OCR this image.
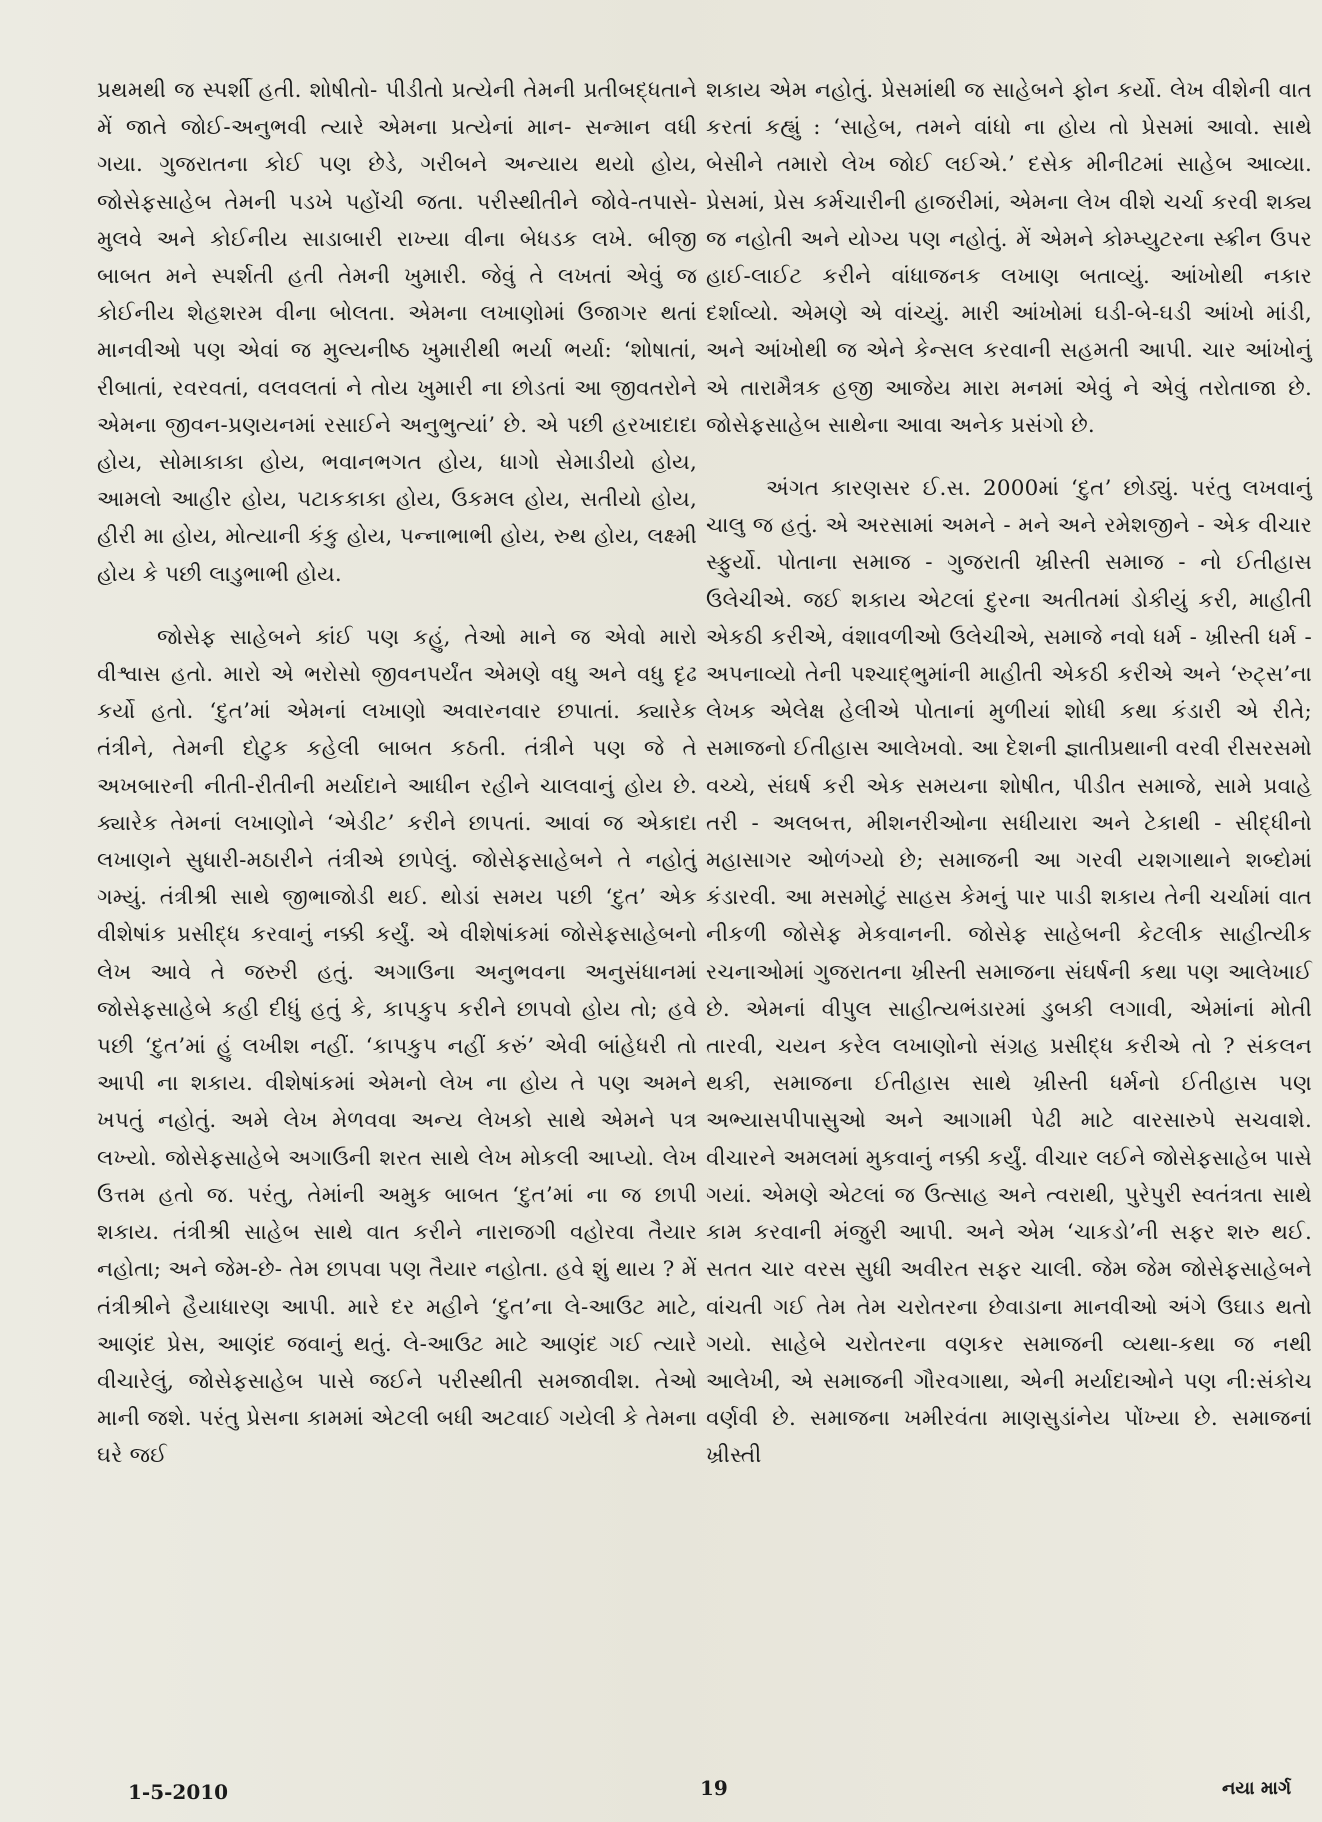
પ્રથમથી જ સ્પર્શી હતી. શોષીતો- પીડીતો પ્રત્યેની તેમની પ્રતીબદ્ધતાને મેં જાતે જોઈ-અનુભવી ત્યારે એમના પ્રત્યેનાં માન- સન્માન વધી ગયા. ગુજરાતના કોઈ પણ છેડે, ગરીબને અન્યાય થયો હોય, જોસેફસાહેબ તેમની પડખે પહોંચી જતા. પરીસ્થીતીને જોવે-તપાસે-મુલવે અને કોઈનીય સાડાબારી રાખ્યા વીના બેધડક લખે. બીજી બાબત મને સ્પર્શતી હતી તેમની ખુમારી. જેવું તે લખતાં એવું જ કોઈનીય શેહશરમ વીના બોલતા. એમના લખાણોમાં ઉજાગર થતાં માનવીઓ પણ એવાં જ મુલ્યનીષ્ઠ ખુમારીથી ભર્યા ભર્યા: ‘શોષાતાં, રીબાતાં, રવરવતાં, વલવલતાં ને તોય ખુમારી ના છોડતાં આ જીવતરોને એમના જીવન-પ્રણયનમાં રસાઈને અનુભુત્યાં’ છે. એ પછી હરખાદાદા હોય, સોમાકાકા હોય, ભવાનભગત હોય, ધાગો સેમાડીયો હોય, આમલો આહીર હોય, પટાકકાકા હોય, ઉકમલ હોય, સતીયો હોય, હીરી મા હોય, મોત્યાની કંકુ હોય, પન્નાભાભી હોય, રુથ હોય, લક્ષ્મી હોય કે પછી લાડુભાભી હોય.

જોસેફ સાહેબને કાંઈ પણ કહું, તેઓ માને જ એવો મારો વીશ્વાસ હતો. મારો એ ભરોસો જીવનપર્યંત એમણે વધુ અને વધુ દૃઢ કર્યો હતો. ‘દુત’માં એમનાં લખાણો અવારનવાર છપાતાં. ક્યારેક તંત્રીને, તેમની દોટુક કહેલી બાબત કઠતી. તંત્રીને પણ જે તે અખબારની નીતી-રીતીની મર્યાદાને આધીન રહીને ચાલવાનું હોય છે. ક્યારેક તેમનાં લખાણોને ‘એડીટ’ કરીને છાપતાં. આવાં જ એકાદા લખાણને સુધારી-મઠારીને તંત્રીએ છાપેલું. જોસેફસાહેબને તે નહોતું ગમ્યું. તંત્રીશ્રી સાથે જીભાજોડી થઈ. થોડાં સમય પછી ‘દુત’ એક વીશેષાંક પ્રસીદ્ધ કરવાનું નક્કી કર્યું. એ વીશેષાંકમાં જોસેફસાહેબનો લેખ આવે તે જરુરી હતું. અગાઉના અનુભવના અનુસંધાનમાં જોસેફસાહેબે કહી દીધું હતું કે, કાપકુપ કરીને છાપવો હોય તો; હવે પછી ‘દુત’માં હું લખીશ નહીં. ‘કાપકુપ નહીં કરું’ એવી બાંહેધરી તો આપી ના શકાય. વીશેષાંકમાં એમનો લેખ ના હોય તે પણ અમને ખપતું નહોતું. અમે લેખ મેળવવા અન્ય લેખકો સાથે એમને પત્ર લખ્યો. જોસેફસાહેબે અગાઉની શરત સાથે લેખ મોકલી આપ્યો. લેખ ઉત્તમ હતો જ. પરંતુ, તેમાંની અમુક બાબત ‘દુત’માં ના જ છાપી શકાય. તંત્રીશ્રી સાહેબ સાથે વાત કરીને નારાજગી વહોરવા તૈયાર નહોતા; અને જેમ-છે- તેમ છાપવા પણ તૈયાર નહોતા. હવે શું થાય ? મેં તંત્રીશ્રીને હૈયાધારણ આપી. મારે દર મહીને ‘દુત’ના લે-આઉટ માટે, આણંદ પ્રેસ, આણંદ જવાનું થતું. લે-આઉટ માટે આણંદ ગઈ ત્યારે વીચારેલું, જોસેફસાહેબ પાસે જઈને પરીસ્થીતી સમજાવીશ. તેઓ માની જશે. પરંતુ પ્રેસના કામમાં એટલી બધી અટવાઈ ગયેલી કે તેમના ઘરે જઈ

શકાય એમ નહોતું. પ્રેસમાંથી જ સાહેબને ફોન કર્યો. લેખ વીશેની વાત કરતાં કહ્યું : ‘સાહેબ, તમને વાંધો ના હોય તો પ્રેસમાં આવો. સાથે બેસીને તમારો લેખ જોઈ લઈએ.’ દસેક મીનીટમાં સાહેબ આવ્યા. પ્રેસમાં, પ્રેસ કર્મચારીની હાજરીમાં, એમના લેખ વીશે ચર્ચા કરવી શક્ય જ નહોતી અને યોગ્ય પણ નહોતું. મેં એમને કોમ્પ્યુટરના સ્ક્રીન ઉપર હાઈ-લાઈટ કરીને વાંધાજનક લખાણ બતાવ્યું. આંખોથી નકાર દર્શાવ્યો. એમણે એ વાંચ્યું. મારી આંખોમાં ઘડી-બે-ઘડી આંખો માંડી, અને આંખોથી જ એને કેન્સલ કરવાની સહમતી આપી. ચાર આંખોનું એ તારામૈત્રક હજી આજેય મારા મનમાં એવું ને એવું તરોતાજા છે. જોસેફસાહેબ સાથેના આવા અનેક પ્રસંગો છે.

અંગત કારણસર ઈ.સ. 2000માં ‘દુત’ છોડ્યું. પરંતુ લખવાનું ચાલુ જ હતું. એ અરસામાં અમને - મને અને રમેશજીને - એક વીચાર સ્ફુર્યો. પોતાના સમાજ - ગુજરાતી ખ્રીસ્તી સમાજ - નો ઈતીહાસ ઉલેચીએ. જઈ શકાય એટલાં દુરના અતીતમાં ડોકીયું કરી, માહીતી એકઠી કરીએ, વંશાવળીઓ ઉલેચીએ, સમાજે નવો ધર્મ - ખ્રીસ્તી ધર્મ - અપનાવ્યો તેની પશ્ચાદ્ભુમાંની માહીતી એકઠી કરીએ અને ‘રુટ્સ’ના લેખક એલેક્ષ હેલીએ પોતાનાં મુળીયાં શોધી કથા કંડારી એ રીતે; સમાજનો ઈતીહાસ આલેખવો. આ દેશની જ્ઞાતીપ્રથાની વરવી રીસરસમો વચ્ચે, સંઘર્ષ કરી એક સમયના શોષીત, પીડીત સમાજે, સામે પ્રવાહે તરી - અલબત્ત, મીશનરીઓના સધીયારા અને ટેકાથી - સીદ્ધીનો મહાસાગર ઓળંગ્યો છે; સમાજની આ ગરવી યશગાથાને શબ્દોમાં કંડારવી. આ મસમોટું સાહસ કેમનું પાર પાડી શકાય તેની ચર્ચામાં વાત નીકળી જોસેફ મેકવાનની. જોસેફ સાહેબની કેટલીક સાહીત્યીક રચનાઓમાં ગુજરાતના ખ્રીસ્તી સમાજના સંઘર્ષની કથા પણ આલેખાઈ છે. એમનાં વીપુલ સાહીત્યભંડારમાં ડુબકી લગાવી, એમાંનાં મોતી તારવી, ચયન કરેલ લખાણોનો સંગ્રહ પ્રસીદ્ધ કરીએ તો ? સંકલન થકી, સમાજના ઈતીહાસ સાથે ખ્રીસ્તી ધર્મનો ઈતીહાસ પણ અભ્યાસપીપાસુઓ અને આગામી પેઢી માટે વારસારુપે સચવાશે. વીચારને અમલમાં મુકવાનું નક્કી કર્યું. વીચાર લઈને જોસેફસાહેબ પાસે ગયાં. એમણે એટલાં જ ઉત્સાહ અને ત્વરાથી, પુરેપુરી સ્વતંત્રતા સાથે કામ કરવાની મંજુરી આપી. અને એમ ‘ચાકડો’ની સફર શરુ થઈ. સતત ચાર વરસ સુધી અવીરત સફર ચાલી. જેમ જેમ જોસેફસાહેબને વાંચતી ગઈ તેમ તેમ ચરોતરના છેવાડાના માનવીઓ અંગે ઉઘાડ થતો ગયો. સાહેબે ચરોતરના વણકર સમાજની વ્યથા-કથા જ નથી આલેખી, એ સમાજની ગૌરવગાથા, એની મર્યાદાઓને પણ ની:સંકોચ વર્ણવી છે. સમાજના ખમીરવંતા માણસુડાંનેય પોંખ્યા છે. સમાજનાં ખ્રીસ્તી

1-5-2010	19	નયા માર્ગ
